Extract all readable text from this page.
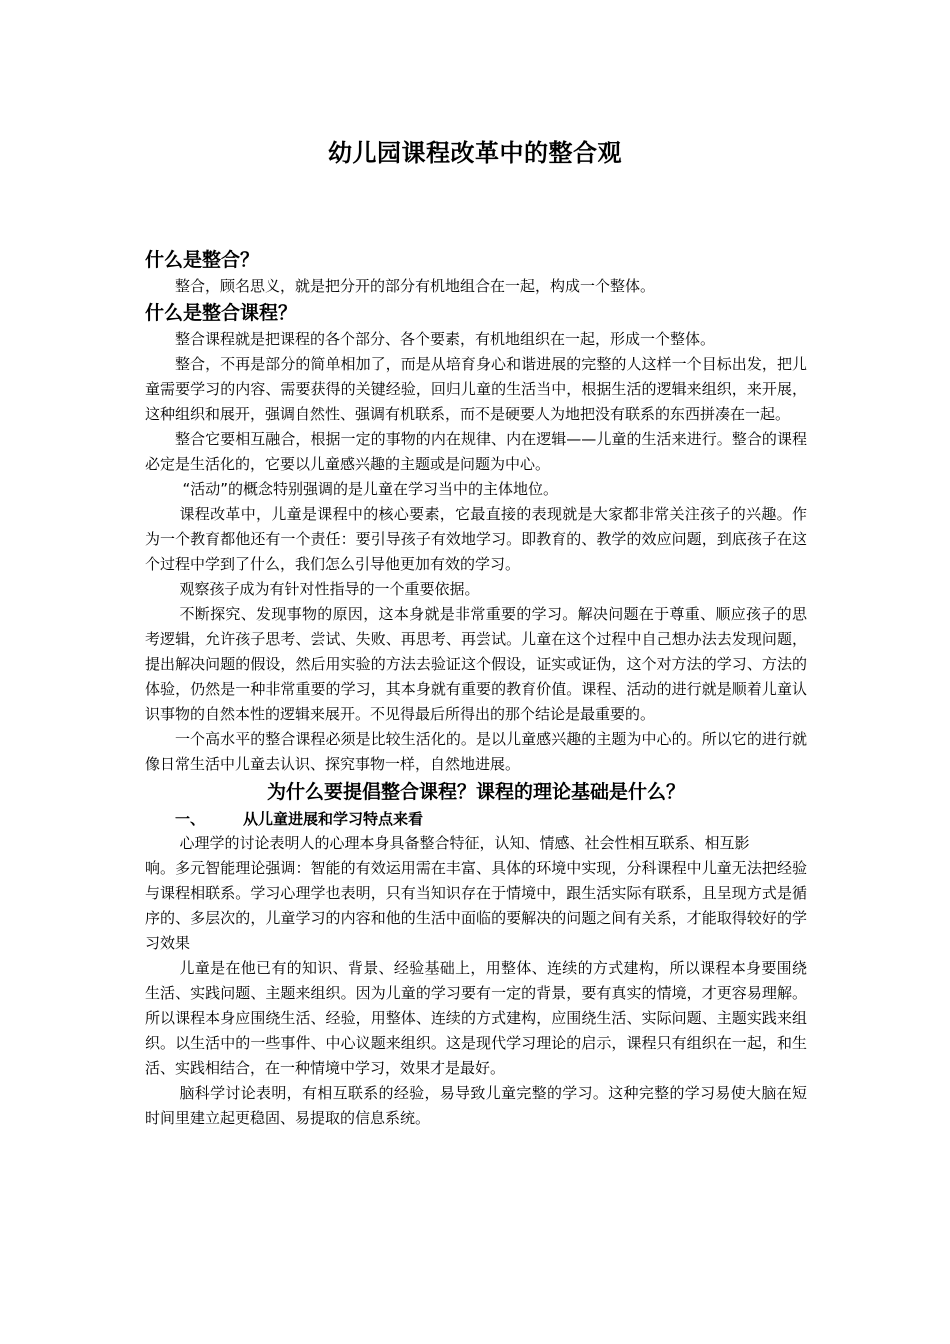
幼儿园课程改革中的整合观
什么是整合？

整合，顾名思义，就是把分开的部分有机地组合在一起，构成一个整体。

什么是整合课程？

整合课程就是把课程的各个部分、各个要素，有机地组织在一起，形成一个整体。

整合，不再是部分的简单相加了，而是从培育身心和谐进展的完整的人这样一个目标出发，把儿童需要学习的内容、需要获得的关键经验，回归儿童的生活当中，根据生活的逻辑来组织，来开展，这种组织和展开，强调自然性、强调有机联系，而不是硬要人为地把没有联系的东西拼凑在一起。

整合它要相互融合，根据一定的事物的内在规律、内在逻辑——儿童的生活来进行。整合的课程必定是生活化的，它要以儿童感兴趣的主题或是问题为中心。

“活动”的概念特别强调的是儿童在学习当中的主体地位。

课程改革中，儿童是课程中的核心要素，它最直接的表现就是大家都非常关注孩子的兴趣。作为一个教育都他还有一个责任：要引导孩子有效地学习。即教育的、教学的效应问题，到底孩子在这个过程中学到了什么，我们怎么引导他更加有效的学习。

观察孩子成为有针对性指导的一个重要依据。

不断探究、发现事物的原因，这本身就是非常重要的学习。解决问题在于尊重、顺应孩子的思考逻辑，允许孩子思考、尝试、失败、再思考、再尝试。儿童在这个过程中自己想办法去发现问题，提出解决问题的假设，然后用实验的方法去验证这个假设，证实或证伪，这个对方法的学习、方法的体验，仍然是一种非常重要的学习，其本身就有重要的教育价值。课程、活动的进行就是顺着儿童认识事物的自然本性的逻辑来展开。不见得最后所得出的那个结论是最重要的。

一个高水平的整合课程必须是比较生活化的。是以儿童感兴趣的主题为中心的。所以它的进行就像日常生活中儿童去认识、探究事物一样，自然地进展。

为什么要提倡整合课程？课程的理论基础是什么？
一、	从儿童进展和学习特点来看

心理学的讨论表明人的心理本身具备整合特征，认知、情感、社会性相互联系、相互影

响。多元智能理论强调：智能的有效运用需在丰富、具体的环境中实现，分科课程中儿童无法把经验与课程相联系。学习心理学也表明，只有当知识存在于情境中，跟生活实际有联系，且呈现方式是循序的、多层次的，儿童学习的内容和他的生活中面临的要解决的问题之间有关系，才能取得较好的学习效果

儿童是在他已有的知识、背景、经验基础上，用整体、连续的方式建构，所以课程本身要围绕生活、实践问题、主题来组织。因为儿童的学习要有一定的背景，要有真实的情境，才更容易理解。所以课程本身应围绕生活、经验，用整体、连续的方式建构，应围绕生活、实际问题、主题实践来组织。以生活中的一些事件、中心议题来组织。这是现代学习理论的启示，课程只有组织在一起，和生活、实践相结合，在一种情境中学习，效果才是最好。

脑科学讨论表明，有相互联系的经验，易导致儿童完整的学习。这种完整的学习易使大脑在短时间里建立起更稳固、易提取的信息系统。
